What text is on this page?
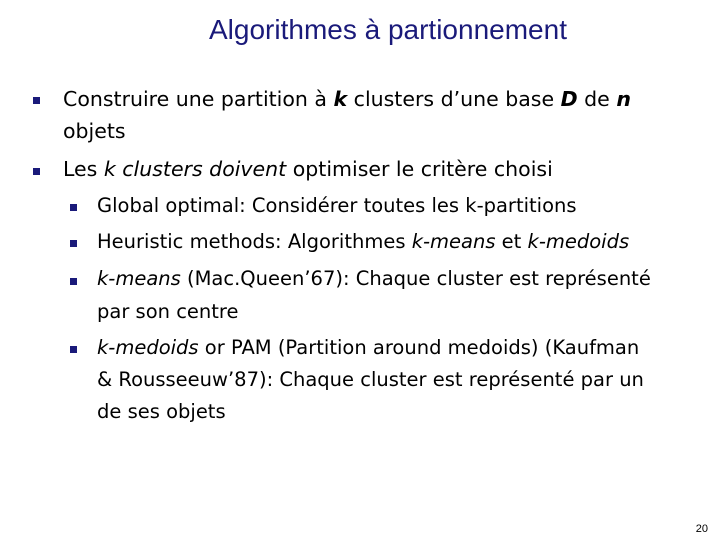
Algorithmes à partionnement
Construire une partition à k clusters d’une base D de n
objets
Les k clusters doivent optimiser le critère choisi
Global optimal: Considérer toutes les k-partitions
Heuristic methods: Algorithmes k-means et k-medoids
k-means (Mac.Queen’67): Chaque cluster est représenté
par son centre
k-medoids or PAM (Partition around medoids) (Kaufman
& Rousseeuw’87): Chaque cluster est représenté par un
de ses objets
20
